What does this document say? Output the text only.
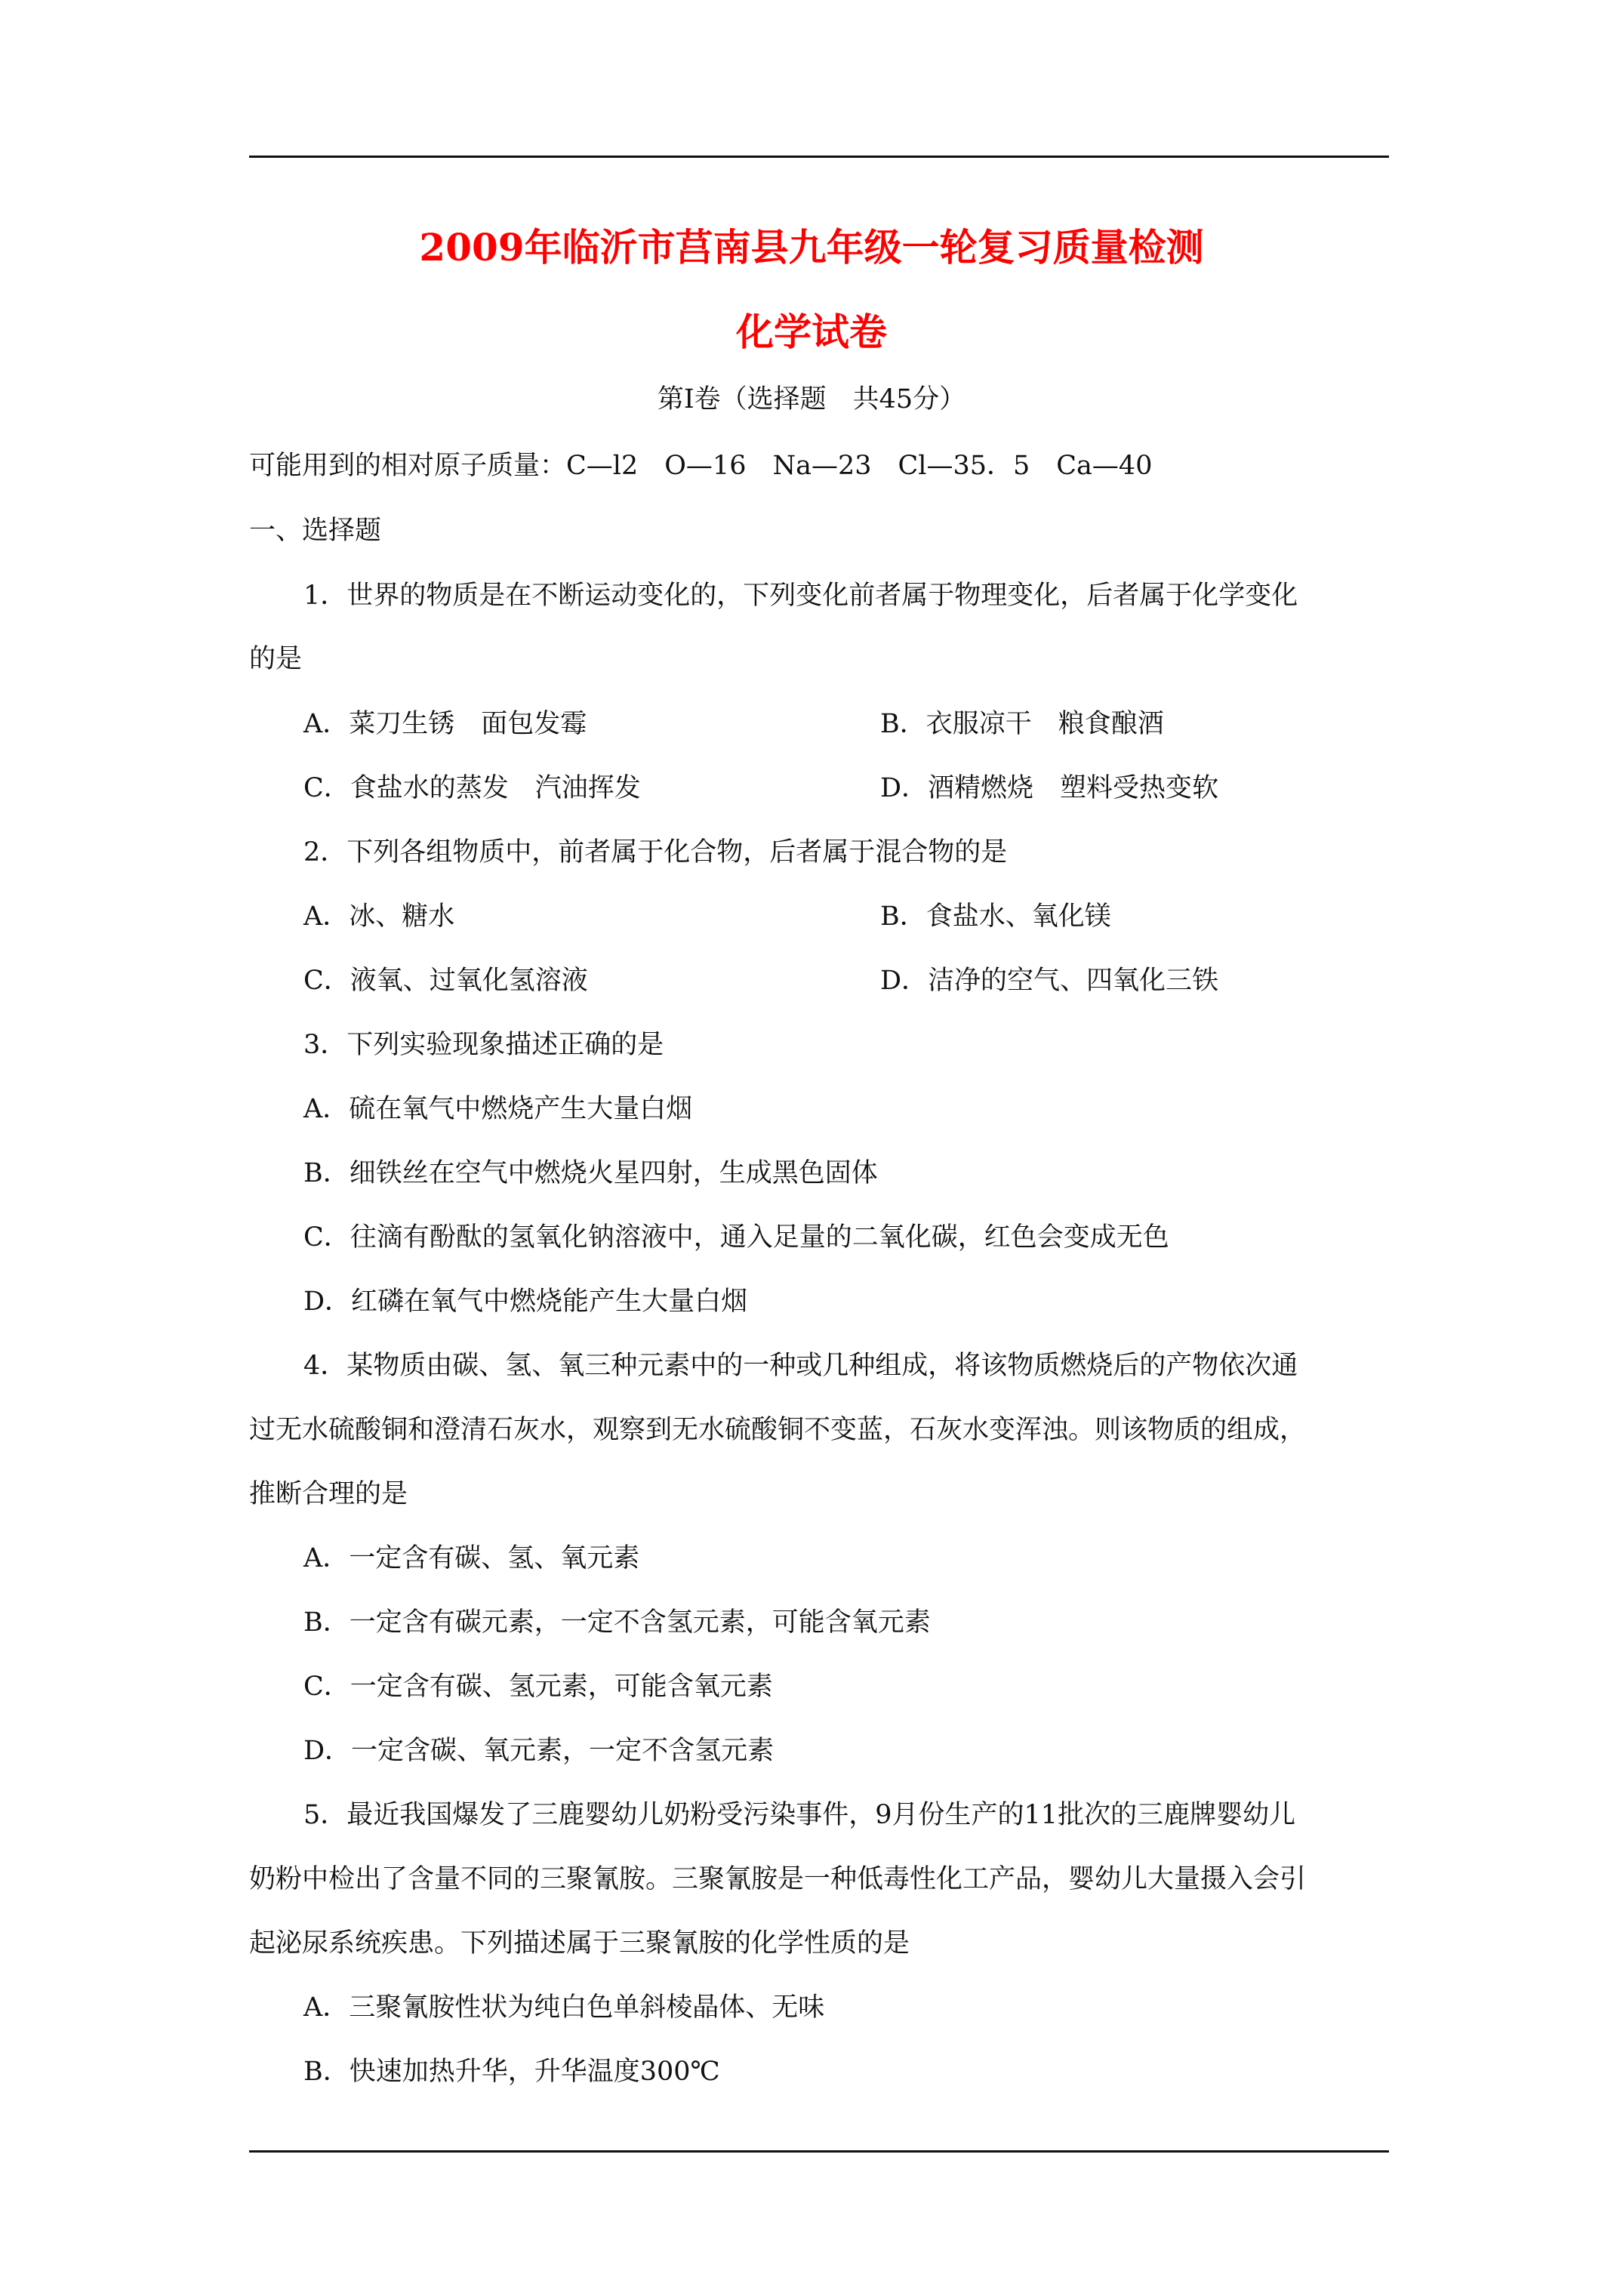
2009年临沂市莒南县九年级一轮复习质量检测
化学试卷
第Ⅰ卷（选择题　共45分）
可能用到的相对原子质量：C—l2　O—16　Na—23　Cl—35．5　Ca—40
一、选择题
1．世界的物质是在不断运动变化的，下列变化前者属于物理变化，后者属于化学变化
的是
A．菜刀生锈　面包发霉	B．衣服凉干　粮食酿酒
C．食盐水的蒸发　汽油挥发	D．酒精燃烧　塑料受热变软
2．下列各组物质中，前者属于化合物，后者属于混合物的是
A．冰、糖水	B．食盐水、氧化镁
C．液氧、过氧化氢溶液	D．洁净的空气、四氧化三铁
3．下列实验现象描述正确的是
A．硫在氧气中燃烧产生大量白烟
B．细铁丝在空气中燃烧火星四射，生成黑色固体
C．往滴有酚酞的氢氧化钠溶液中，通入足量的二氧化碳，红色会变成无色
D．红磷在氧气中燃烧能产生大量白烟
4．某物质由碳、氢、氧三种元素中的一种或几种组成，将该物质燃烧后的产物依次通
过无水硫酸铜和澄清石灰水，观察到无水硫酸铜不变蓝，石灰水变浑浊。则该物质的组成，
推断合理的是
A．一定含有碳、氢、氧元素
B．一定含有碳元素，一定不含氢元素，可能含氧元素
C．一定含有碳、氢元素，可能含氧元素
D．一定含碳、氧元素，一定不含氢元素
5．最近我国爆发了三鹿婴幼儿奶粉受污染事件，9月份生产的11批次的三鹿牌婴幼儿
奶粉中检出了含量不同的三聚氰胺。三聚氰胺是一种低毒性化工产品，婴幼儿大量摄入会引
起泌尿系统疾患。下列描述属于三聚氰胺的化学性质的是
A．三聚氰胺性状为纯白色单斜棱晶体、无味
B．快速加热升华，升华温度300℃
